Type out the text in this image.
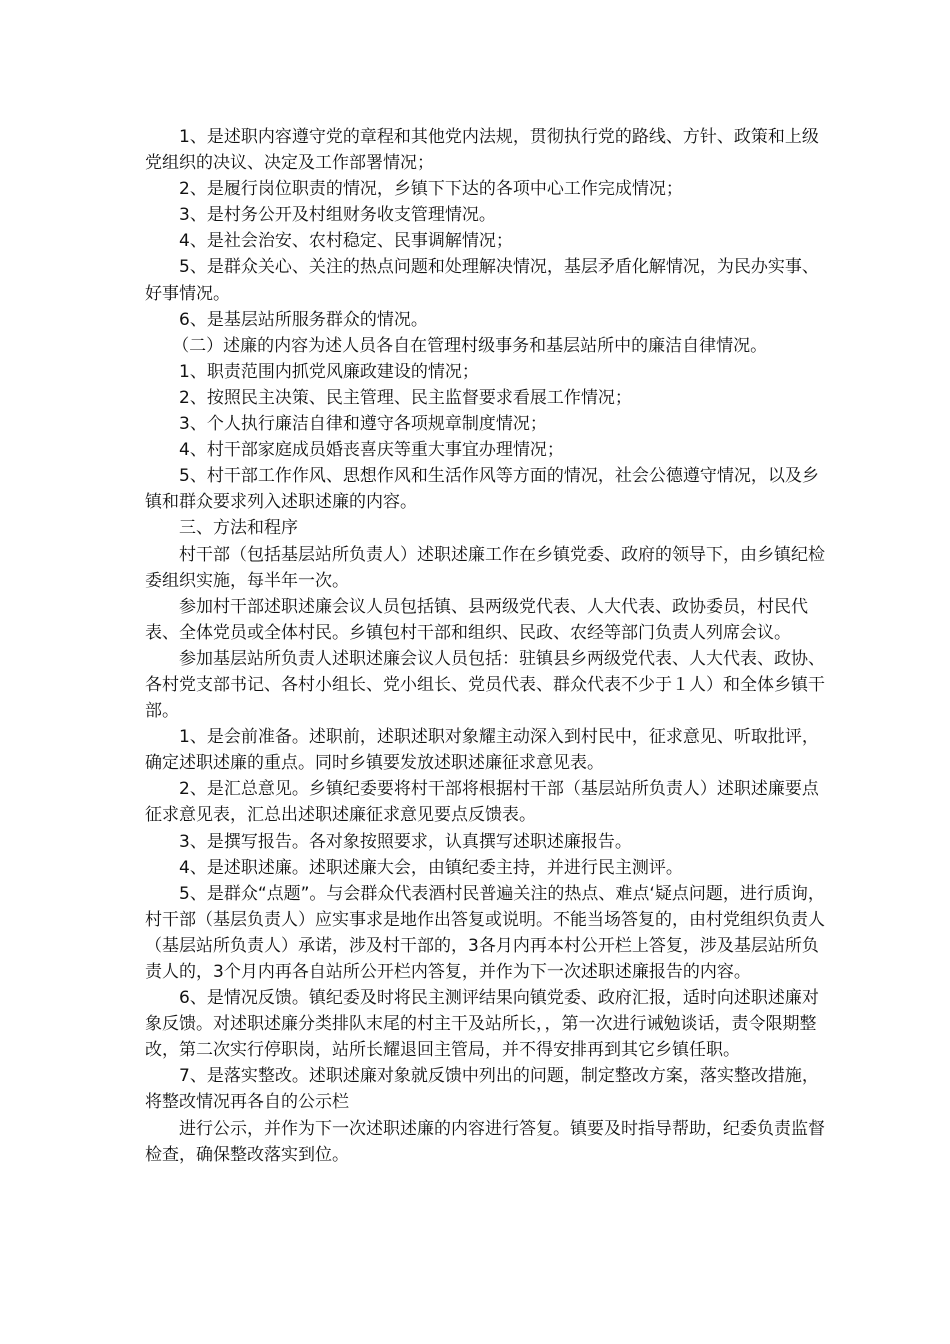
1、是述职内容遵守党的章程和其他党内法规，贯彻执行党的路线、方针、政策和上级党组织的决议、决定及工作部署情况；

2、是履行岗位职责的情况，乡镇下下达的各项中心工作完成情况；

3、是村务公开及村组财务收支管理情况。

4、是社会治安、农村稳定、民事调解情况；

5、是群众关心、关注的热点问题和处理解决情况，基层矛盾化解情况，为民办实事、好事情况。

6、是基层站所服务群众的情况。

（二）述廉的内容为述人员各自在管理村级事务和基层站所中的廉洁自律情况。

1、职责范围内抓党风廉政建设的情况；

2、按照民主决策、民主管理、民主监督要求看展工作情况；

3、个人执行廉洁自律和遵守各项规章制度情况；

4、村干部家庭成员婚丧喜庆等重大事宜办理情况；

5、村干部工作作风、思想作风和生活作风等方面的情况，社会公德遵守情况，以及乡镇和群众要求列入述职述廉的内容。

三、方法和程序

村干部（包括基层站所负责人）述职述廉工作在乡镇党委、政府的领导下，由乡镇纪检委组织实施，每半年一次。

参加村干部述职述廉会议人员包括镇、县两级党代表、人大代表、政协委员，村民代表、全体党员或全体村民。乡镇包村干部和组织、民政、农经等部门负责人列席会议。

参加基层站所负责人述职述廉会议人员包括：驻镇县乡两级党代表、人大代表、政协、各村党支部书记、各村小组长、党小组长、党员代表、群众代表不少于１人）和全体乡镇干部。

1、是会前准备。述职前，述职述职对象耀主动深入到村民中，征求意见、听取批评，确定述职述廉的重点。同时乡镇要发放述职述廉征求意见表。

2、是汇总意见。乡镇纪委要将村干部将根据村干部（基层站所负责人）述职述廉要点征求意见表，汇总出述职述廉征求意见要点反馈表。

3、是撰写报告。各对象按照要求，认真撰写述职述廉报告。

4、是述职述廉。述职述廉大会，由镇纪委主持，并进行民主测评。

5、是群众“点题”。与会群众代表酒村民普遍关注的热点、难点‘疑点问题，进行质询，村干部（基层负责人）应实事求是地作出答复或说明。不能当场答复的，由村党组织负责人（基层站所负责人）承诺，涉及村干部的，3各月内再本村公开栏上答复，涉及基层站所负责人的，3个月内再各自站所公开栏内答复，并作为下一次述职述廉报告的内容。

6、是情况反馈。镇纪委及时将民主测评结果向镇党委、政府汇报，适时向述职述廉对象反馈。对述职述廉分类排队末尾的村主干及站所长，，第一次进行诫勉谈话，责令限期整改，第二次实行停职岗，站所长耀退回主管局，并不得安排再到其它乡镇任职。

7、是落实整改。述职述廉对象就反馈中列出的问题，制定整改方案，落实整改措施，将整改情况再各自的公示栏

进行公示，并作为下一次述职述廉的内容进行答复。镇要及时指导帮助，纪委负责监督检查，确保整改落实到位。
